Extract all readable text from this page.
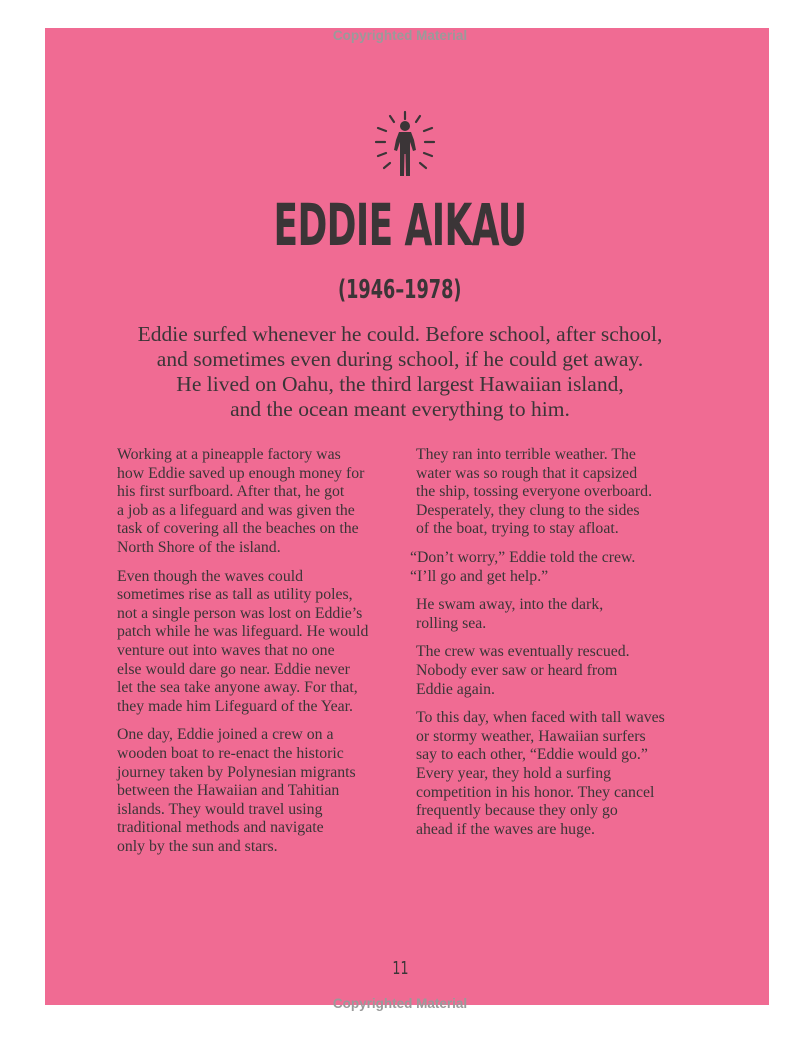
Copyrighted Material
EDDIE AIKAU
(1946–1978)
Eddie surfed whenever he could. Before school, after school,
and sometimes even during school, if he could get away.
He lived on Oahu, the third largest Hawaiian island,
and the ocean meant everything to him.
Working at a pineapple factory was
how Eddie saved up enough money for
his first surfboard. After that, he got
a job as a lifeguard and was given the
task of covering all the beaches on the
North Shore of the island.
Even though the waves could
sometimes rise as tall as utility poles,
not a single person was lost on Eddie’s
patch while he was lifeguard. He would
venture out into waves that no one
else would dare go near. Eddie never
let the sea take anyone away. For that,
they made him Lifeguard of the Year.
One day, Eddie joined a crew on a
wooden boat to re-enact the historic
journey taken by Polynesian migrants
between the Hawaiian and Tahitian
islands. They would travel using
traditional methods and navigate
only by the sun and stars.
They ran into terrible weather. The
water was so rough that it capsized
the ship, tossing everyone overboard.
Desperately, they clung to the sides
of the boat, trying to stay afloat.
“Don’t worry,” Eddie told the crew.
“I’ll go and get help.”
He swam away, into the dark,
rolling sea.
The crew was eventually rescued.
Nobody ever saw or heard from
Eddie again.
To this day, when faced with tall waves
or stormy weather, Hawaiian surfers
say to each other, “Eddie would go.”
Every year, they hold a surfing
competition in his honor. They cancel
frequently because they only go
ahead if the waves are huge.
11
Copyrighted Material
